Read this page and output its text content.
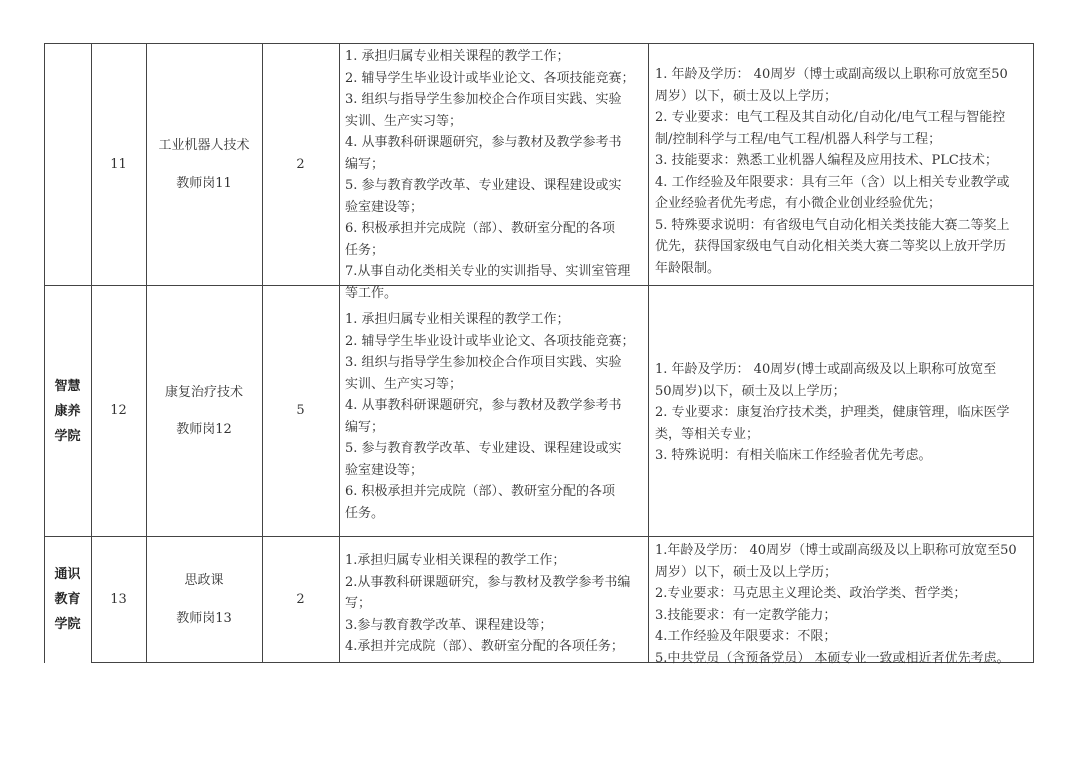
11
工业机器人技术
教师岗11
2
1. 承担归属专业相关课程的教学工作；
2. 辅导学生毕业设计或毕业论文、各项技能竞赛；
3. 组织与指导学生参加校企合作项目实践、实验
实训、生产实习等；
4. 从事教科研课题研究，参与教材及教学参考书
编写；
5. 参与教育教学改革、专业建设、课程建设或实
验室建设等；
6. 积极承担并完成院（部）、教研室分配的各项
任务；
7.从事自动化类相关专业的实训指导、实训室管理
等工作。
1. 年龄及学历： 40周岁（博士或副高级以上职称可放宽至50
周岁）以下，硕士及以上学历；
2. 专业要求：电气工程及其自动化/自动化/电气工程与智能控
制/控制科学与工程/电气工程/机器人科学与工程；
3. 技能要求：熟悉工业机器人编程及应用技术、PLC技术；
4. 工作经验及年限要求：具有三年（含）以上相关专业教学或
企业经验者优先考虑，有小微企业创业经验优先；
5. 特殊要求说明：有省级电气自动化相关类技能大赛二等奖上
优先，获得国家级电气自动化相关类大赛二等奖以上放开学历
年龄限制。
智慧
康养
学院
12
康复治疗技术
教师岗12
5
1. 承担归属专业相关课程的教学工作；
2. 辅导学生毕业设计或毕业论文、各项技能竞赛；
3. 组织与指导学生参加校企合作项目实践、实验
实训、生产实习等；
4. 从事教科研课题研究，参与教材及教学参考书
编写；
5. 参与教育教学改革、专业建设、课程建设或实
验室建设等；
6. 积极承担并完成院（部）、教研室分配的各项
任务。
1. 年龄及学历： 40周岁(博士或副高级及以上职称可放宽至
50周岁)以下，硕士及以上学历；
2. 专业要求：康复治疗技术类，护理类，健康管理，临床医学
类，等相关专业；
3. 特殊说明：有相关临床工作经验者优先考虑。
通识
教育
学院
13
思政课
教师岗13
2
1.承担归属专业相关课程的教学工作；
2.从事教科研课题研究，参与教材及教学参考书编
写；
3.参与教育教学改革、课程建设等；
4.承担并完成院（部）、教研室分配的各项任务；
1.年龄及学历： 40周岁（博士或副高级及以上职称可放宽至50
周岁）以下，硕士及以上学历；
2.专业要求：马克思主义理论类、政治学类、哲学类；
3.技能要求：有一定教学能力；
4.工作经验及年限要求：不限；
5.中共党员（含预备党员） 本硕专业一致或相近者优先考虑。
